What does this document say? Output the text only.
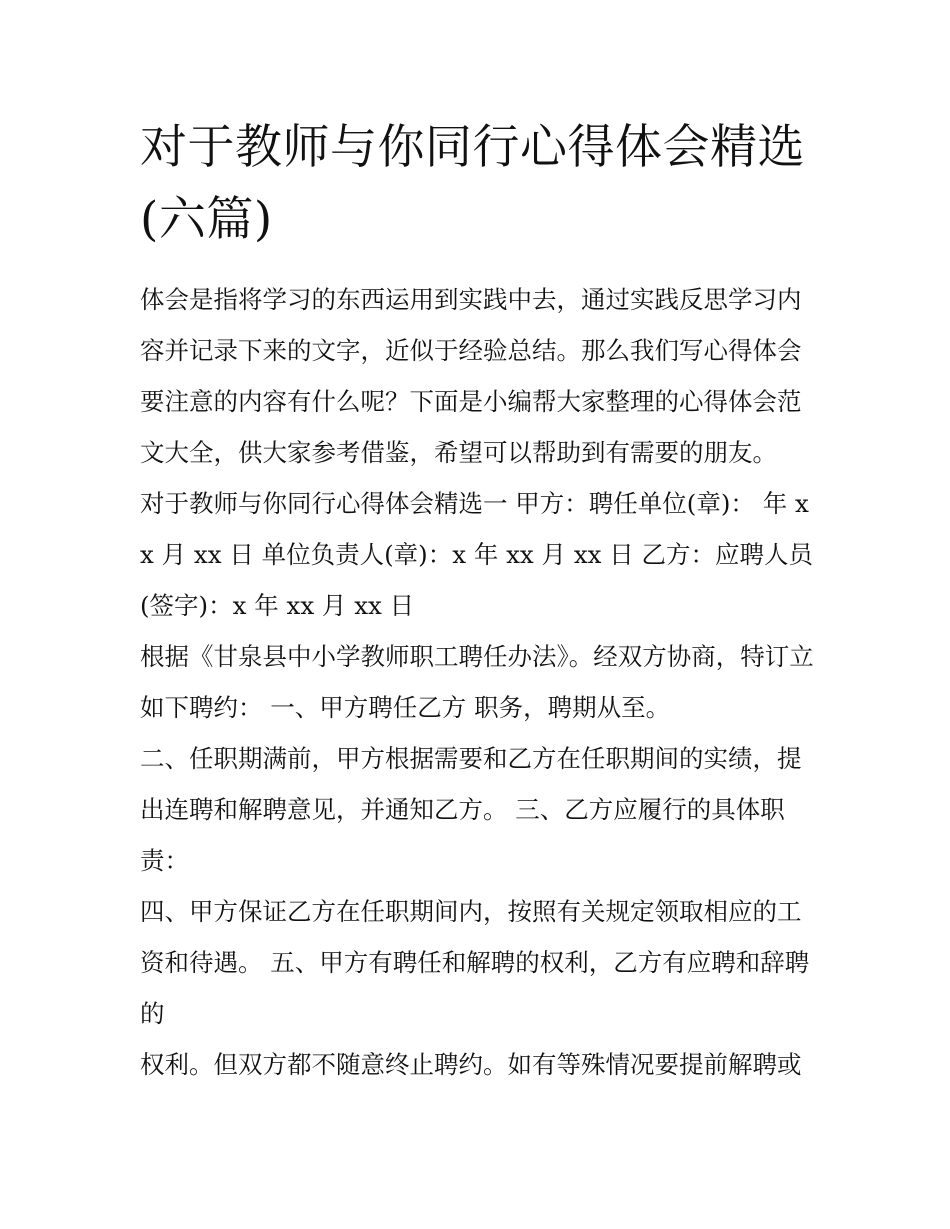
对于教师与你同行心得体会精选(六篇)

体会是指将学习的东西运用到实践中去，通过实践反思学习内容并记录下来的文字，近似于经验总结。那么我们写心得体会要注意的内容有什么呢？下面是小编帮大家整理的心得体会范文大全，供大家参考借鉴，希望可以帮助到有需要的朋友。

对于教师与你同行心得体会精选一 甲方：聘任单位(章)： 年 xx 月 xx 日 单位负责人(章)：x 年 xx 月 xx 日 乙方：应聘人员(签字)：x 年 xx 月 xx 日

根据《甘泉县中小学教师职工聘任办法》。经双方协商，特订立如下聘约： 一、甲方聘任乙方 职务，聘期从至。

二、任职期满前，甲方根据需要和乙方在任职期间的实绩，提出连聘和解聘意见，并通知乙方。 三、乙方应履行的具体职责：

四、甲方保证乙方在任职期间内，按照有关规定领取相应的工资和待遇。 五、甲方有聘任和解聘的权利，乙方有应聘和辞聘的

权利。但双方都不随意终止聘约。如有等殊情况要提前解聘或
